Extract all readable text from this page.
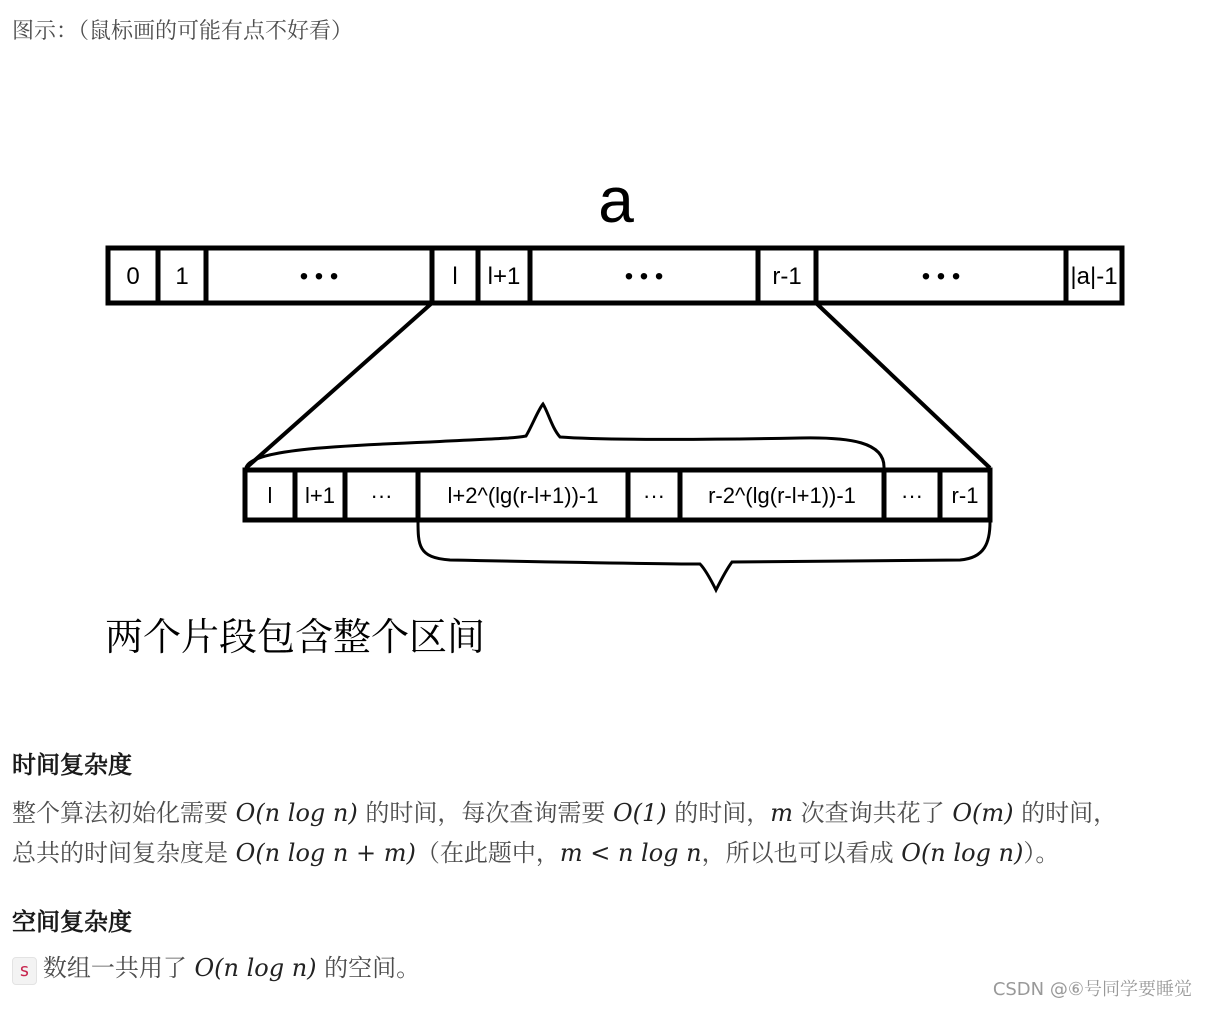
图示：（鼠标画的可能有点不好看）
a
0 1	• • •	l l+1	• • •	r-1	• • •	|a|-1
l l+1 ···	l+2^(lg(r-l+1))-1 ··· r-2^(lg(r-l+1))-1 ··· r-1
两个片段包含整个区间
时间复杂度
整个算法初始化需要 O(n log n) 的时间，每次查询需要 O(1) 的时间，m 次查询共花了 O(m) 的时间，
总共的时间复杂度是 O(n log n + m)（在此题中，m < n log n，所以也可以看成 O(n log n)）。
空间复杂度
s 数组一共用了 O(n log n) 的空间。
CSDN @⑥号同学要睡觉
